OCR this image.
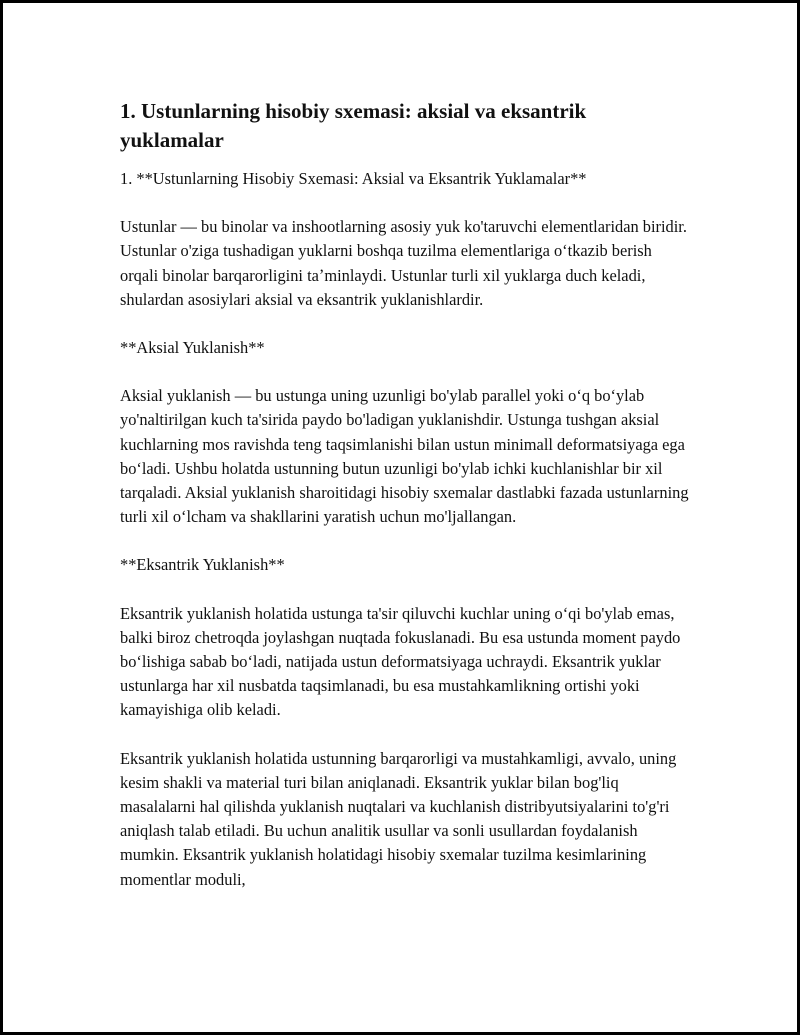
1. Ustunlarning hisobiy sxemasi: aksial va eksantrik yuklamalar

1. **Ustunlarning Hisobiy Sxemasi: Aksial va Eksantrik Yuklamalar**

Ustunlar — bu binolar va inshootlarning asosiy yuk ko'taruvchi elementlaridan biridir. Ustunlar o'ziga tushadigan yuklarni boshqa tuzilma elementlariga oʻtkazib berish orqali binolar barqarorligini taʼminlaydi. Ustunlar turli xil yuklarga duch keladi, shulardan asosiylari aksial va eksantrik yuklanishlardir.

**Aksial Yuklanish**

Aksial yuklanish — bu ustunga uning uzunligi bo'ylab parallel yoki oʻq boʻylab yo'naltirilgan kuch ta'sirida paydo bo'ladigan yuklanishdir. Ustunga tushgan aksial kuchlarning mos ravishda teng taqsimlanishi bilan ustun minimall deformatsiyaga ega boʻladi. Ushbu holatda ustunning butun uzunligi bo'ylab ichki kuchlanishlar bir xil tarqaladi. Aksial yuklanish sharoitidagi hisobiy sxemalar dastlabki fazada ustunlarning turli xil oʻlcham va shakllarini yaratish uchun mo'ljallangan.

**Eksantrik Yuklanish**

Eksantrik yuklanish holatida ustunga ta'sir qiluvchi kuchlar uning oʻqi bo'ylab emas, balki biroz chetroqda joylashgan nuqtada fokuslanadi. Bu esa ustunda moment paydo boʻlishiga sabab boʻladi, natijada ustun deformatsiyaga uchraydi. Eksantrik yuklar ustunlarga har xil nusbatda taqsimlanadi, bu esa mustahkamlikning ortishi yoki kamayishiga olib keladi.

Eksantrik yuklanish holatida ustunning barqarorligi va mustahkamligi, avvalo, uning kesim shakli va material turi bilan aniqlanadi. Eksantrik yuklar bilan bog'liq masalalarni hal qilishda yuklanish nuqtalari va kuchlanish distribyutsiyalarini to'g'ri aniqlash talab etiladi. Bu uchun analitik usullar va sonli usullardan foydalanish mumkin. Eksantrik yuklanish holatidagi hisobiy sxemalar tuzilma kesimlarining momentlar moduli,
